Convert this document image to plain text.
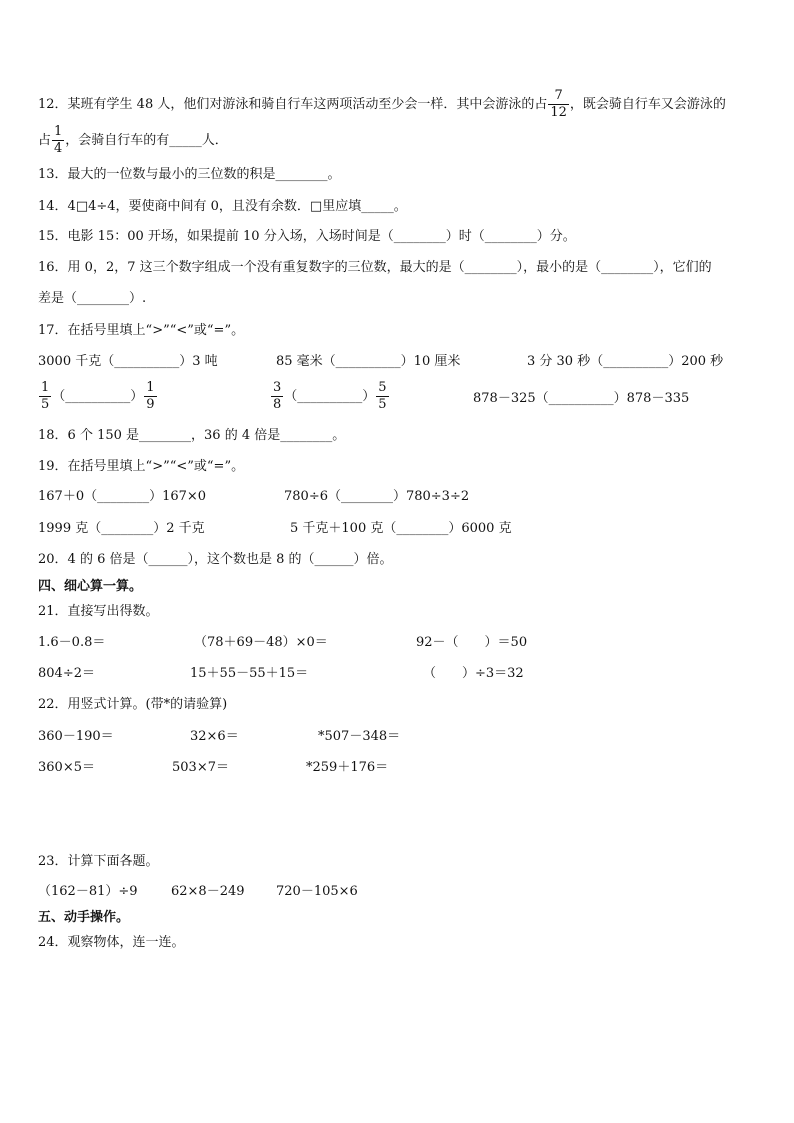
12．某班有学生 48 人，他们对游泳和骑自行车这两项活动至少会一样．其中会游泳的占 $\frac{7}{12}$ ，既会骑自行车又会游泳的
占 $\frac{1}{4}$ ，会骑自行车的有_____人．
13．最大的一位数与最小的三位数的积是________。
14．4□4÷4，要使商中间有 0，且没有余数．□里应填_____。
15．电影 15：00 开场，如果提前 10 分入场，入场时间是（________）时（________）分。
16．用 0，2，7 这三个数字组成一个没有重复数字的三位数，最大的是（________），最小的是（________），它们的
差是（________）.
17．在括号里填上“>”“<”或“=”。
3000 千克（__________）3 吨	85 毫米（__________）10 厘米	3 分 30 秒（__________）200 秒
$\frac{1}{5}$ （__________） $\frac{1}{9}$	$\frac{3}{8}$ （__________） $\frac{5}{5}$	878－325（__________）878－335
18．6 个 150 是________，36 的 4 倍是________。
19．在括号里填上“>”“<”或“=”。
167＋0（________）167×0	780÷6（________）780÷3÷2
1999 克（________）2 千克	5 千克＋100 克（________）6000 克
20．4 的 6 倍是（______），这个数也是 8 的（______）倍。
四、细心算一算。
21．直接写出得数。
1.6－0.8＝	（78＋69－48）×0＝	92－（　　）＝50
804÷2＝	15＋55－55＋15＝	（　　）÷3＝32
22．用竖式计算。(带*的请验算)
360－190＝	32×6＝	*507－348＝
360×5＝	503×7＝	*259＋176＝
23．计算下面各题。
（162－81）÷9	62×8－249 720－105×6
五、动手操作。
24．观察物体，连一连。
